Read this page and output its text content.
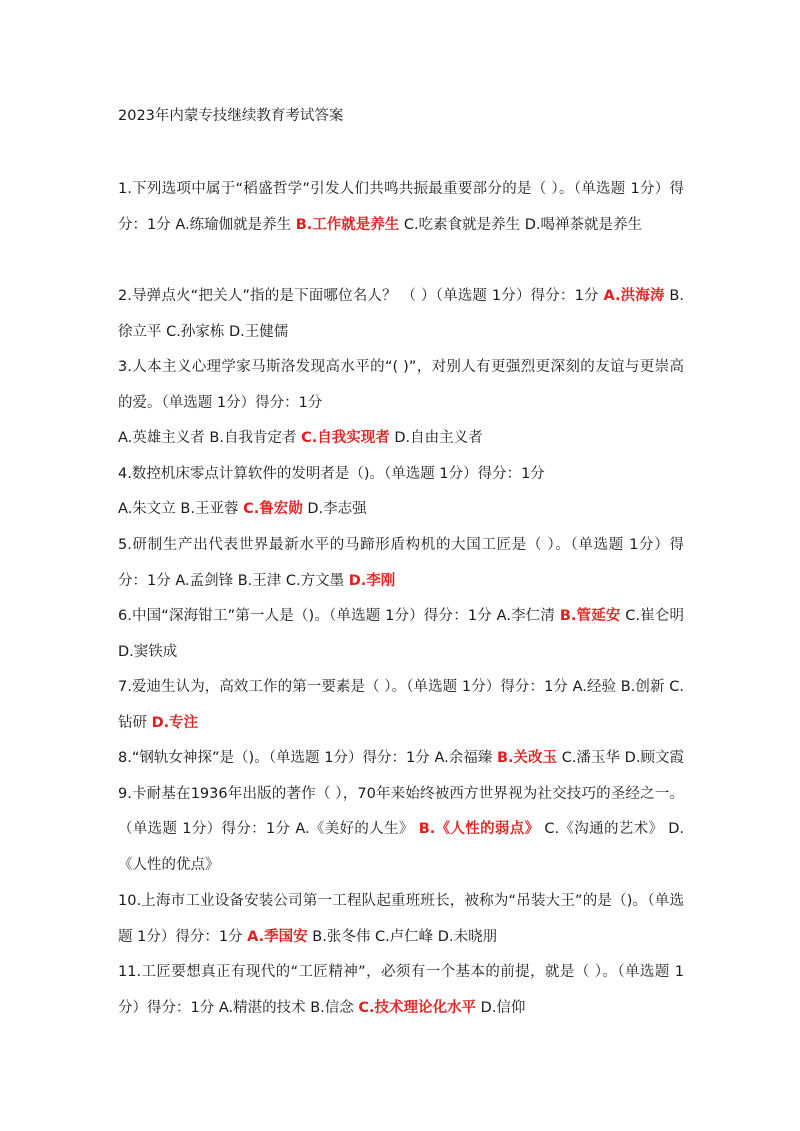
2023年内蒙专技继续教育考试答案
1.下列选项中属于“稻盛哲学”引发人们共鸣共振最重要部分的是（ ）。（单选题 1分）得分：1分 A.练瑜伽就是养生 B.工作就是养生 C.吃素食就是养生 D.喝禅茶就是养生
2.导弹点火“把关人”指的是下面哪位名人？ （ ）（单选题 1分）得分：1分 A.洪海涛 B.徐立平 C.孙家栋 D.王健儒
3.人本主义心理学家马斯洛发现高水平的“( )”，对别人有更强烈更深刻的友谊与更崇高的爱。（单选题 1分）得分：1分
A.英雄主义者 B.自我肯定者 C.自我实现者 D.自由主义者
4.数控机床零点计算软件的发明者是（)。（单选题 1分）得分：1分
A.朱文立 B.王亚蓉 C.鲁宏勋 D.李志强
5.研制生产出代表世界最新水平的马蹄形盾构机的大国工匠是（ ）。（单选题 1分）得分：1分 A.孟剑锋 B.王津 C.方文墨 D.李刚
6.中国“深海钳工”第一人是（)。（单选题 1分）得分：1分 A.李仁清 B.管延安 C.崔仑明 D.窦铁成
7.爱迪生认为，高效工作的第一要素是（ ）。（单选题 1分）得分：1分 A.经验 B.创新 C.钻研 D.专注
8.“钢轨女神探”是（)。（单选题 1分）得分：1分 A.余福臻 B.关改玉 C.潘玉华 D.顾文霞　9.卡耐基在1936年出版的著作（ ），70年来始终被西方世界视为社交技巧的圣经之一。（单选题 1分）得分：1分 A.《美好的人生》 B.《人性的弱点》 C.《沟通的艺术》 D.《人性的优点》
10.上海市工业设备安装公司第一工程队起重班班长，被称为“吊装大王”的是（)。（单选题 1分）得分：1分 A.季国安 B.张冬伟 C.卢仁峰 D.未晓朋
11.工匠要想真正有现代的“工匠精神”，必须有一个基本的前提，就是（ ）。（单选题 1分）得分：1分 A.精湛的技术 B.信念 C.技术理论化水平 D.信仰
